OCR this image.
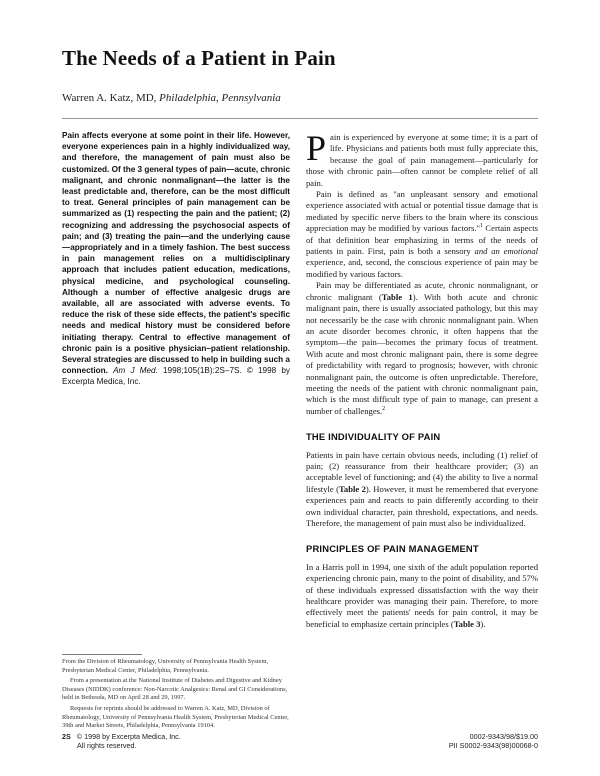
The Needs of a Patient in Pain
Warren A. Katz, MD, Philadelphia, Pennsylvania
Pain affects everyone at some point in their life. However, everyone experiences pain in a highly individualized way, and therefore, the management of pain must also be customized. Of the 3 general types of pain—acute, chronic malignant, and chronic nonmalignant—the latter is the least predictable and, therefore, can be the most difficult to treat. General principles of pain management can be summarized as (1) respecting the pain and the patient; (2) recognizing and addressing the psychosocial aspects of pain; and (3) treating the pain—and the underlying cause—appropriately and in a timely fashion. The best success in pain management relies on a multidisciplinary approach that includes patient education, medications, physical medicine, and psychological counseling. Although a number of effective analgesic drugs are available, all are associated with adverse events. To reduce the risk of these side effects, the patient's specific needs and medical history must be considered before initiating therapy. Central to effective management of chronic pain is a positive physician–patient relationship. Several strategies are discussed to help in building such a connection. Am J Med. 1998;105(1B):2S–7S. © 1998 by Excerpta Medica, Inc.

From the Division of Rheumatology, University of Pennsylvania Health System, Presbyterian Medical Center, Philadelphia, Pennsylvania.

From a presentation at the National Institute of Diabetes and Digestive and Kidney Diseases (NIDDK) conference: Non-Narcotic Analgesics: Renal and GI Considerations, held in Bethesda, MD on April 28 and 29, 1997.

Requests for reprints should be addressed to Warren A. Katz, MD, Division of Rheumatology, University of Pennsylvania Health System, Presbyterian Medical Center, 39th and Market Streets, Philadelphia, Pennsylvania 19104.

Pain is experienced by everyone at some time; it is a part of life. Physicians and patients both must fully appreciate this, because the goal of pain management—particularly for those with chronic pain—often cannot be complete relief of all pain.

Pain is defined as "an unpleasant sensory and emotional experience associated with actual or potential tissue damage that is mediated by specific nerve fibers to the brain where its conscious appreciation may be modified by various factors."$^1$ Certain aspects of that definition bear emphasizing in terms of the needs of patients in pain. First, pain is both a sensory and an emotional experience, and, second, the conscious experience of pain may be modified by various factors.

Pain may be differentiated as acute, chronic nonmalignant, or chronic malignant (Table 1). With both acute and chronic malignant pain, there is usually associated pathology, but this may not necessarily be the case with chronic nonmalignant pain. When an acute disorder becomes chronic, it often happens that the symptom—the pain—becomes the primary focus of treatment. With acute and most chronic malignant pain, there is some degree of predictability with regard to prognosis; however, with chronic nonmalignant pain, the outcome is often unpredictable. Therefore, meeting the needs of the patient with chronic nonmalignant pain, which is the most difficult type of pain to manage, can present a number of challenges.$^2$

THE INDIVIDUALITY OF PAIN

Patients in pain have certain obvious needs, including (1) relief of pain; (2) reassurance from their healthcare provider; (3) an acceptable level of functioning; and (4) the ability to live a normal lifestyle (Table 2). However, it must be remembered that everyone experiences pain and reacts to pain differently according to their own individual character, pain threshold, expectations, and needs. Therefore, the management of pain must also be individualized.

PRINCIPLES OF PAIN MANAGEMENT

In a Harris poll in 1994, one sixth of the adult population reported experiencing chronic pain, many to the point of disability, and 57% of these individuals expressed dissatisfaction with the way their healthcare provider was managing their pain. Therefore, to more effectively meet the patients' needs for pain control, it may be beneficial to emphasize certain principles (Table 3).

2S © 1998 by Excerpta Medica, Inc.
All rights reserved.
0002-9343/98/$19.00
PII S0002-9343(98)00068-0
